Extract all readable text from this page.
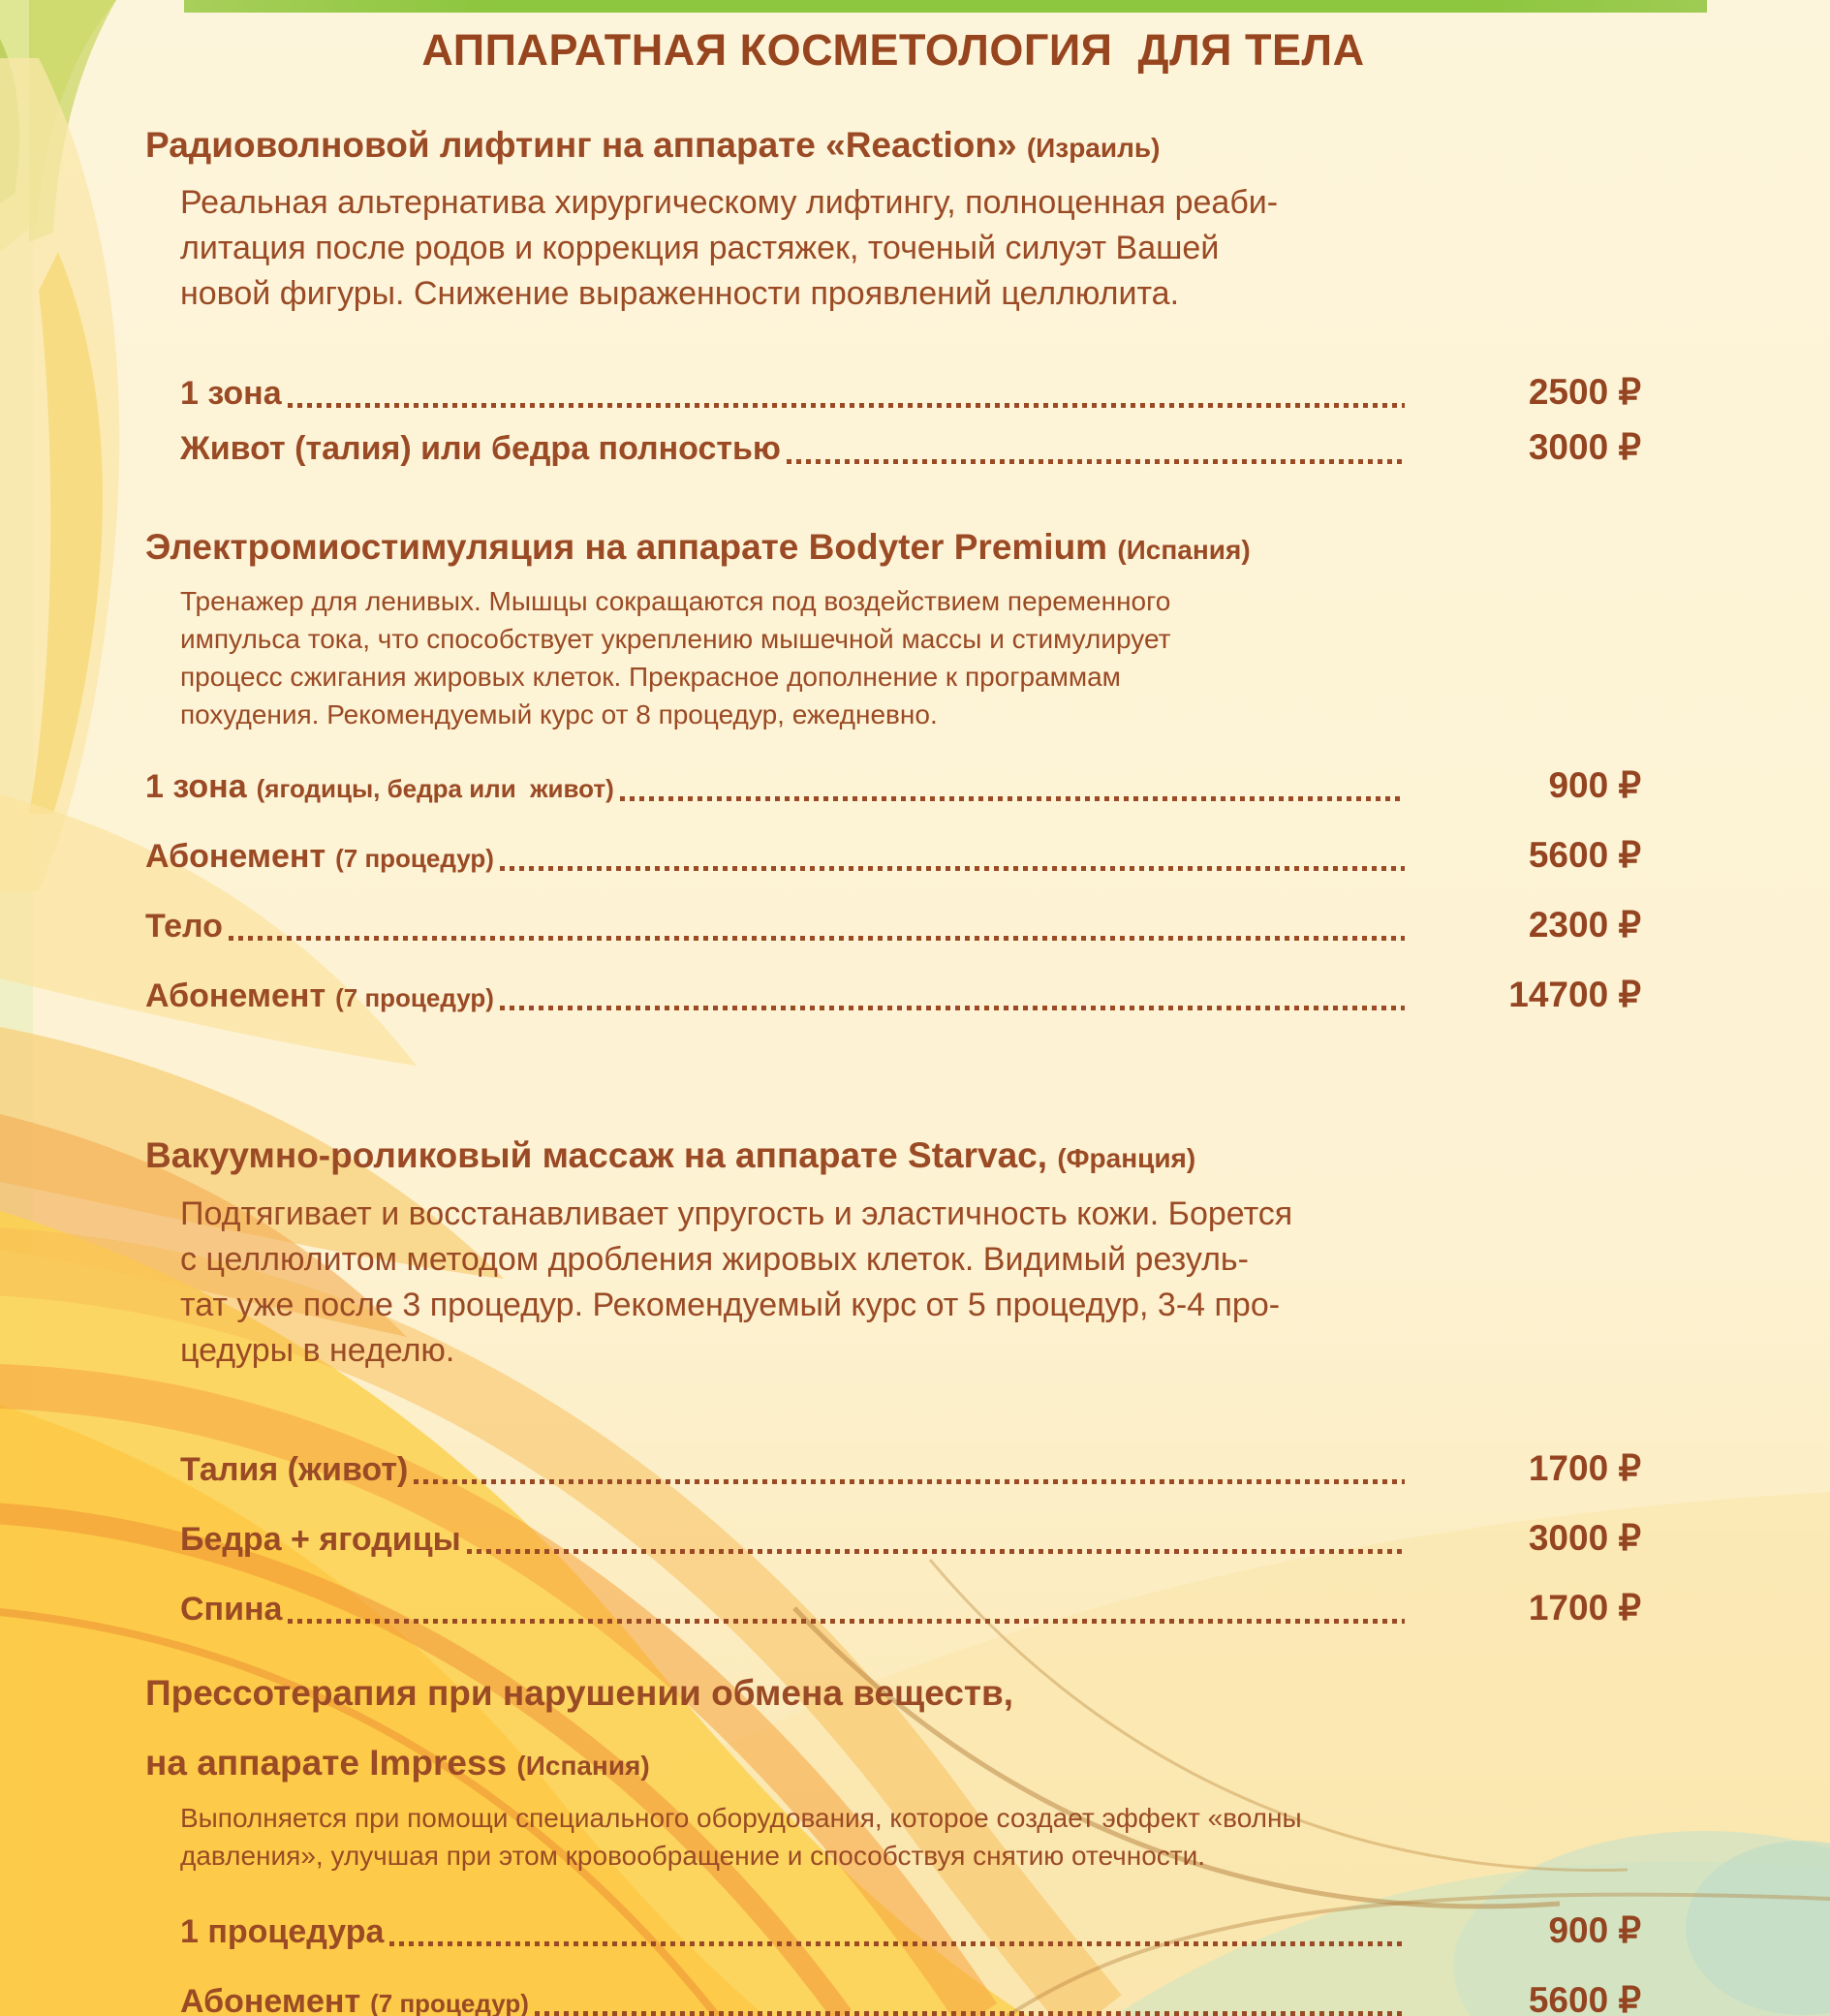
АППАРАТНАЯ КОСМЕТОЛОГИЯ  ДЛЯ ТЕЛА
Радиоволновой лифтинг на аппарате «Reaction» (Израиль)
Реальная альтернатива хирургическому лифтингу, полноценная реаби-
литация после родов и коррекция растяжек, точеный силуэт Вашей
новой фигуры. Снижение выраженности проявлений целлюлита.
1 зона	2500 ₽
Живот (талия) или бедра полностью	3000 ₽
Электромиостимуляция на аппарате Bodyter Premium (Испания)
Тренажер для ленивых. Мышцы сокращаются под воздействием переменного
импульса тока, что способствует укреплению мышечной массы и стимулирует
процесс сжигания жировых клеток. Прекрасное дополнение к программам
похудения. Рекомендуемый курс от 8 процедур, ежедневно.
1 зона (ягодицы, бедра или  живот)	900 ₽
Абонемент (7 процедур)	5600 ₽
Тело	2300 ₽
Абонемент (7 процедур)	14700 ₽
Вакуумно-роликовый массаж на аппарате Starvac, (Франция)
Подтягивает и восстанавливает упругость и эластичность кожи. Борется
с целлюлитом методом дробления жировых клеток. Видимый резуль-
тат уже после 3 процедур. Рекомендуемый курс от 5 процедур, 3-4 про-
цедуры в неделю.
Талия (живот)	1700 ₽
Бедра + ягодицы	3000 ₽
Спина	1700 ₽
Прессотерапия при нарушении обмена веществ,
на аппарате Impress (Испания)
Выполняется при помощи специального оборудования, которое создает эффект «волны
давления», улучшая при этом кровообращение и способствуя снятию отечности.
1 процедура	900 ₽
Абонемент (7 процедур)	5600 ₽
